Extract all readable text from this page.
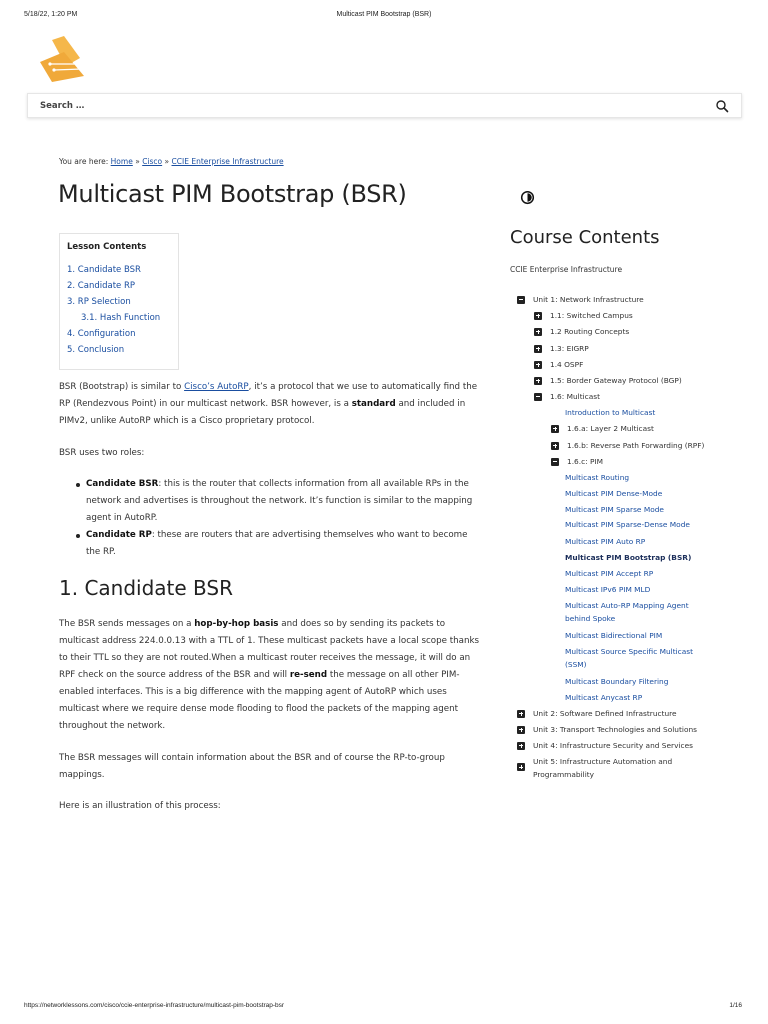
5/18/22, 1:20 PM	Multicast PIM Bootstrap (BSR)
Search …
You are here: Home » Cisco » CCIE Enterprise Infrastructure
Multicast PIM Bootstrap (BSR)
Lesson Contents
1. Candidate BSR
2. Candidate RP
3. RP Selection
3.1. Hash Function
4. Configuration
5. Conclusion

BSR (Bootstrap) is similar to Cisco’s AutoRP, it’s a protocol that we use to automatically find the RP (Rendezvous Point) in our multicast network. BSR however, is a standard and included in PIMv2, unlike AutoRP which is a Cisco proprietary protocol.

BSR uses two roles:

Candidate BSR: this is the router that collects information from all available RPs in the network and advertises is throughout the network. It’s function is similar to the mapping agent in AutoRP.
Candidate RP: these are routers that are advertising themselves who want to become the RP.
1. Candidate BSR

The BSR sends messages on a hop-by-hop basis and does so by sending its packets to multicast address 224.0.0.13 with a TTL of 1. These multicast packets have a local scope thanks to their TTL so they are not routed.When a multicast router receives the message, it will do an RPF check on the source address of the BSR and will re-send the message on all other PIM-enabled interfaces. This is a big difference with the mapping agent of AutoRP which uses multicast where we require dense mode flooding to flood the packets of the mapping agent throughout the network.

The BSR messages will contain information about the BSR and of course the RP-to-group mappings.

Here is an illustration of this process:

Course Contents
CCIE Enterprise Infrastructure
Unit 1: Network Infrastructure
1.1: Switched Campus
1.2 Routing Concepts
1.3: EIGRP
1.4 OSPF
1.5: Border Gateway Protocol (BGP)
1.6: Multicast
Introduction to Multicast
1.6.a: Layer 2 Multicast
1.6.b: Reverse Path Forwarding (RPF)
1.6.c: PIM
Multicast Routing
Multicast PIM Dense-Mode
Multicast PIM Sparse Mode
Multicast PIM Sparse-Dense Mode
Multicast PIM Auto RP
Multicast PIM Bootstrap (BSR)
Multicast PIM Accept RP
Multicast IPv6 PIM MLD
Multicast Auto-RP Mapping Agent behind Spoke
Multicast Bidirectional PIM
Multicast Source Specific Multicast (SSM)
Multicast Boundary Filtering
Multicast Anycast RP
Unit 2: Software Defined Infrastructure
Unit 3: Transport Technologies and Solutions
Unit 4: Infrastructure Security and Services
Unit 5: Infrastructure Automation and Programmability
https://networklessons.com/cisco/ccie-enterprise-infrastructure/multicast-pim-bootstrap-bsr	1/16
